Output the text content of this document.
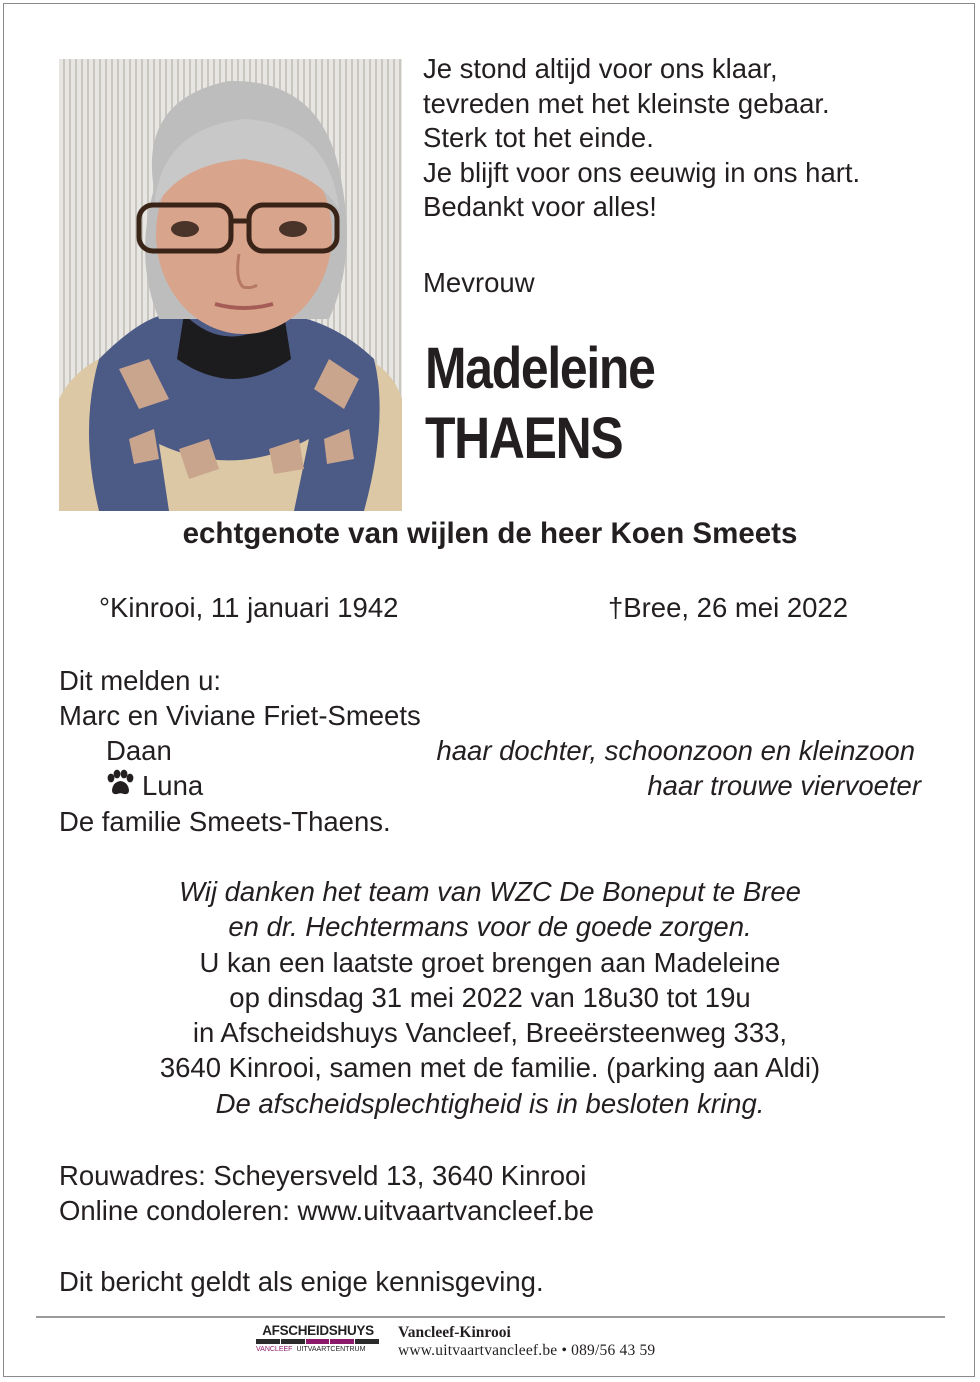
Je stond altijd voor ons klaar,
tevreden met het kleinste gebaar.
Sterk tot het einde.
Je blijft voor ons eeuwig in ons hart.
Bedankt voor alles!
Mevrouw
Madeleine
THAENS
echtgenote van wijlen de heer Koen Smeets
°Kinrooi, 11 januari 1942	†Bree, 26 mei 2022
Dit melden u:
Marc en Viviane Friet-Smeets
Daan	haar dochter, schoonzoon en kleinzoon
Luna	haar trouwe viervoeter
De familie Smeets-Thaens.
Wij danken het team van WZC De Boneput te Bree
en dr. Hechtermans voor de goede zorgen.
U kan een laatste groet brengen aan Madeleine
op dinsdag 31 mei 2022 van 18u30 tot 19u
in Afscheidshuys Vancleef, Breeërsteenweg 333,
3640 Kinrooi, samen met de familie. (parking aan Aldi)
De afscheidsplechtigheid is in besloten kring.
Rouwadres: Scheyersveld 13, 3640 Kinrooi
Online condoleren: www.uitvaartvancleef.be
Dit bericht geldt als enige kennisgeving.
AFSCHEIDSHUYS
VANCLEEF UITVAARTCENTRUM
Vancleef-Kinrooi
www.uitvaartvancleef.be • 089/56 43 59
